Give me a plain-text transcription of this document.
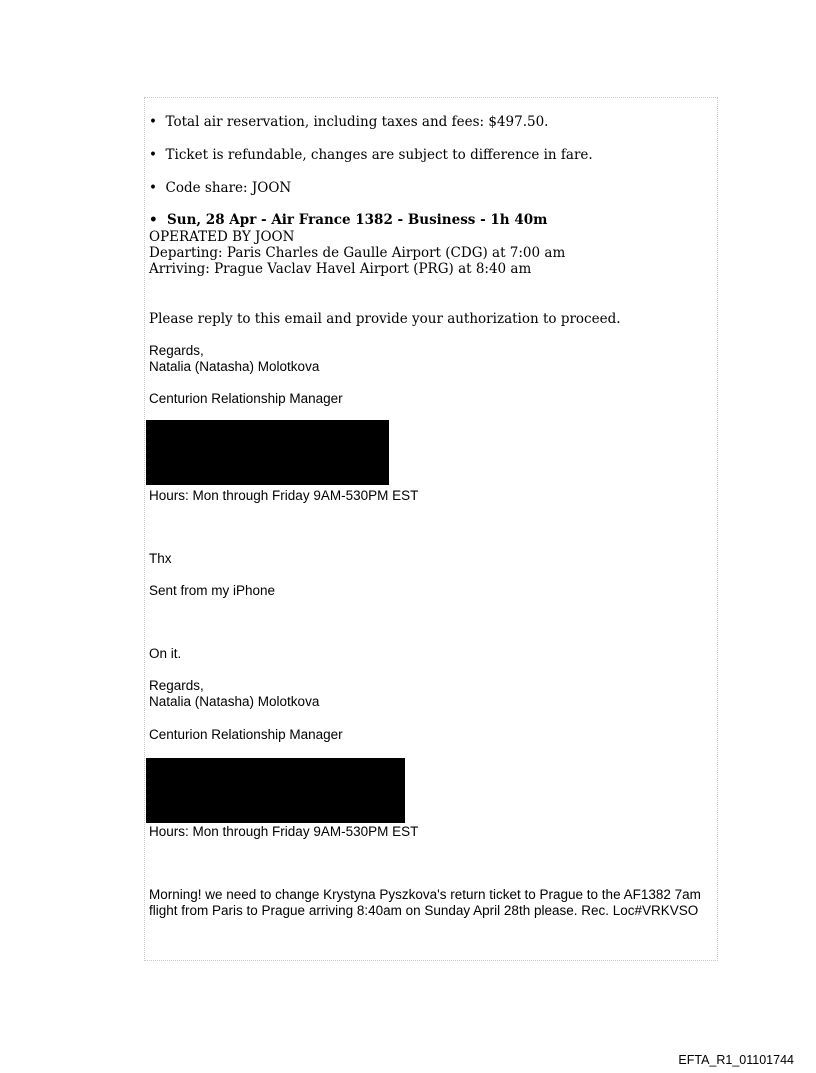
•  Total air reservation, including taxes and fees: $497.50.
•  Ticket is refundable, changes are subject to difference in fare.
•  Code share: JOON
•  Sun, 28 Apr - Air France 1382 - Business - 1h 40m
OPERATED BY JOON
Departing: Paris Charles de Gaulle Airport (CDG) at 7:00 am
Arriving: Prague Vaclav Havel Airport (PRG) at 8:40 am
Please reply to this email and provide your authorization to proceed.
Regards,
Natalia (Natasha) Molotkova
Centurion Relationship Manager
Hours: Mon through Friday 9AM-530PM EST
Thx
Sent from my iPhone
On it.
Regards,
Natalia (Natasha) Molotkova
Centurion Relationship Manager
Hours: Mon through Friday 9AM-530PM EST
Morning! we need to change Krystyna Pyszkova's return ticket to Prague to the AF1382 7am flight from Paris to Prague arriving 8:40am on Sunday April 28th please. Rec. Loc#VRKVSO
EFTA_R1_01101744
